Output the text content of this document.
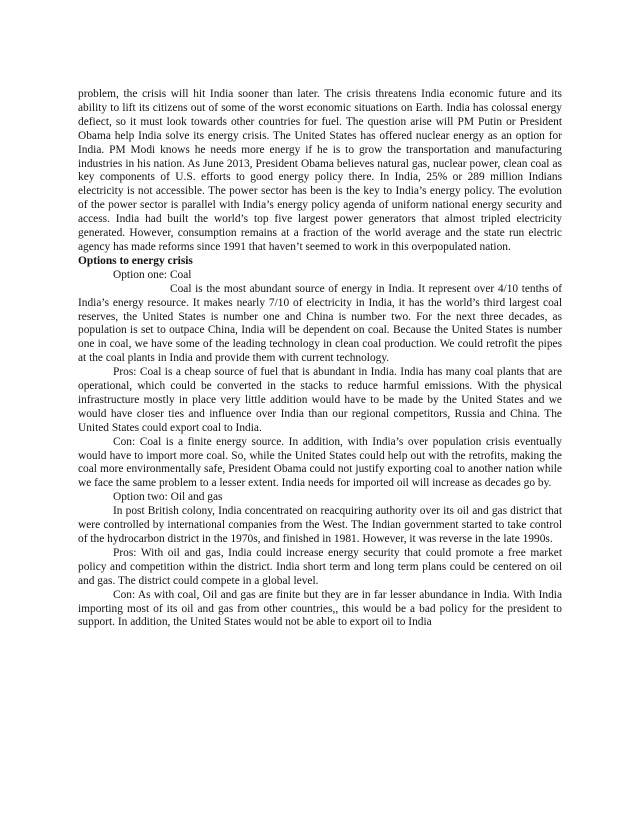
problem, the crisis will hit India sooner than later. The crisis threatens India economic future and its ability to lift its citizens out of some of the worst economic situations on Earth. India has colossal energy defiect, so it must look towards other countries for fuel. The question arise will PM Putin or President Obama help India solve its energy crisis. The United States has offered nuclear energy as an option for India. PM Modi knows he needs more energy if he is to grow the transportation and manufacturing industries in his nation. As June 2013, President Obama believes natural gas, nuclear power, clean coal as key components of U.S. efforts to good energy policy there. In India, 25% or 289 million Indians electricity is not accessible. The power sector has been is the key to India’s energy policy. The evolution of the power sector is parallel with India’s energy policy agenda of uniform national energy security and access. India had built the world’s top five largest power generators that almost tripled electricity generated. However, consumption remains at a fraction of the world average and the state run electric agency has made reforms since 1991 that haven’t seemed to work in this overpopulated nation.

Options to energy crisis

Option one: Coal

Coal is the most abundant source of energy in India. It represent over 4/10 tenths of India’s energy resource. It makes nearly 7/10 of electricity in India, it has the world’s third largest coal reserves, the United States is number one and China is number two. For the next three decades, as population is set to outpace China, India will be dependent on coal. Because the United States is number one in coal, we have some of the leading technology in clean coal production. We could retrofit the pipes at the coal plants in India and provide them with current technology.

Pros: Coal is a cheap source of fuel that is abundant in India. India has many coal plants that are operational, which could be converted in the stacks to reduce harmful emissions. With the physical infrastructure mostly in place very little addition would have to be made by the United States and we would have closer ties and influence over India than our regional competitors, Russia and China. The United States could export coal to India.

Con: Coal is a finite energy source. In addition, with India’s over population crisis eventually would have to import more coal. So, while the United States could help out with the retrofits, making the coal more environmentally safe, President Obama could not justify exporting coal to another nation while we face the same problem to a lesser extent. India needs for imported oil will increase as decades go by.

Option two: Oil and gas

In post British colony, India concentrated on reacquiring authority over its oil and gas district that were controlled by international companies from the West. The Indian government started to take control of the hydrocarbon district in the 1970s, and finished in 1981. However, it was reverse in the late 1990s.

Pros: With oil and gas, India could increase energy security that could promote a free market policy and competition within the district. India short term and long term plans could be centered on oil and gas. The district could compete in a global level.

Con: As with coal, Oil and gas are finite but they are in far lesser abundance in India. With India importing most of its oil and gas from other countries,, this would be a bad policy for the president to support. In addition, the United States would not be able to export oil to India
